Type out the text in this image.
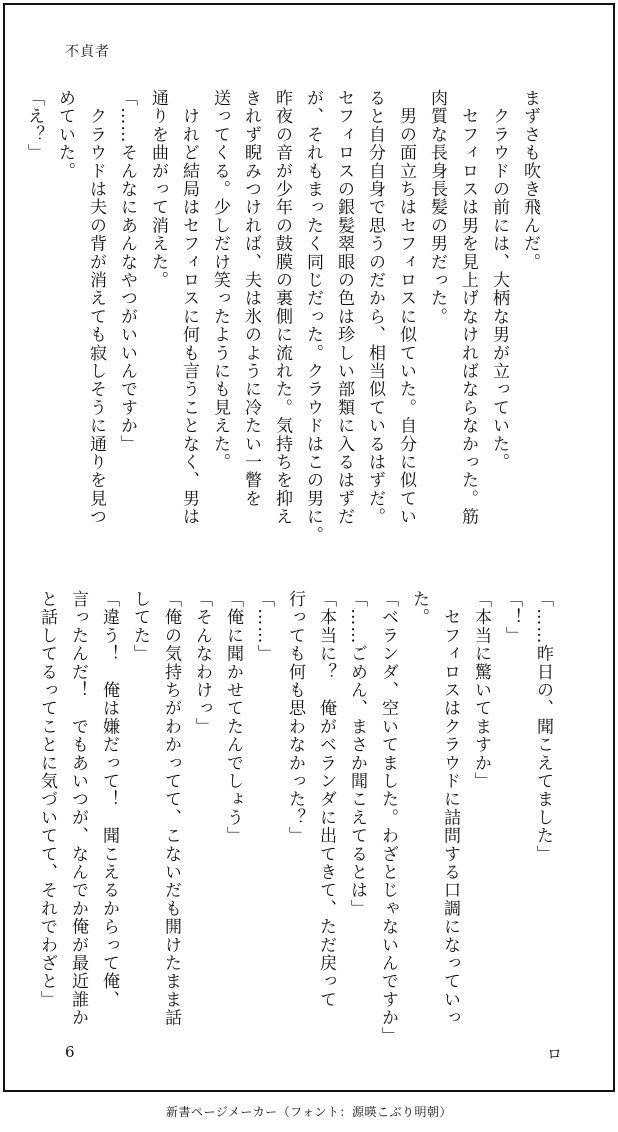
不貞者
まずさも吹き飛んだ。
　クラウドの前には、大柄な男が立っていた。
　セフィロスは男を見上げなければならなかった。筋
肉質な長身長髪の男だった。
　男の面立ちはセフィロスに似ていた。自分に似てい
ると自分自身で思うのだから、相当似ているはずだ。
セフィロスの銀髪翠眼の色は珍しい部類に入るはずだ
が、それもまったく同じだった。クラウドはこの男に。
昨夜の音が少年の鼓膜の裏側に流れた。気持ちを抑え
きれず睨みつければ、夫は氷のように冷たい一瞥を
送ってくる。少しだけ笑ったようにも見えた。
　けれど結局はセフィロスに何も言うことなく、男は
通りを曲がって消えた。
「……そんなにあんなやつがいいんですか」
　クラウドは夫の背が消えても寂しそうに通りを見つ
めていた。
「え？」
「……昨日の、聞こえてました」
「！」
「本当に驚いてますか」
　セフィロスはクラウドに詰問する口調になっていっ
た。
「ベランダ、空いてました。わざとじゃないんですか」
「……ごめん、まさか聞こえてるとは」
「本当に？　俺がベランダに出てきて、ただ戻って
行っても何も思わなかった？」
「……」
「俺に聞かせてたんでしょう」
「そんなわけっ」
「俺の気持ちがわかってて、こないだも開けたまま話
してた」
「違う！　俺は嫌だって！　聞こえるからって俺、
言ったんだ！　でもあいつが、なんでか俺が最近誰か
と話してるってことに気づいてて、それでわざと」
6	ロ
新書ページメーカー（フォント：源暎こぶり明朝）
